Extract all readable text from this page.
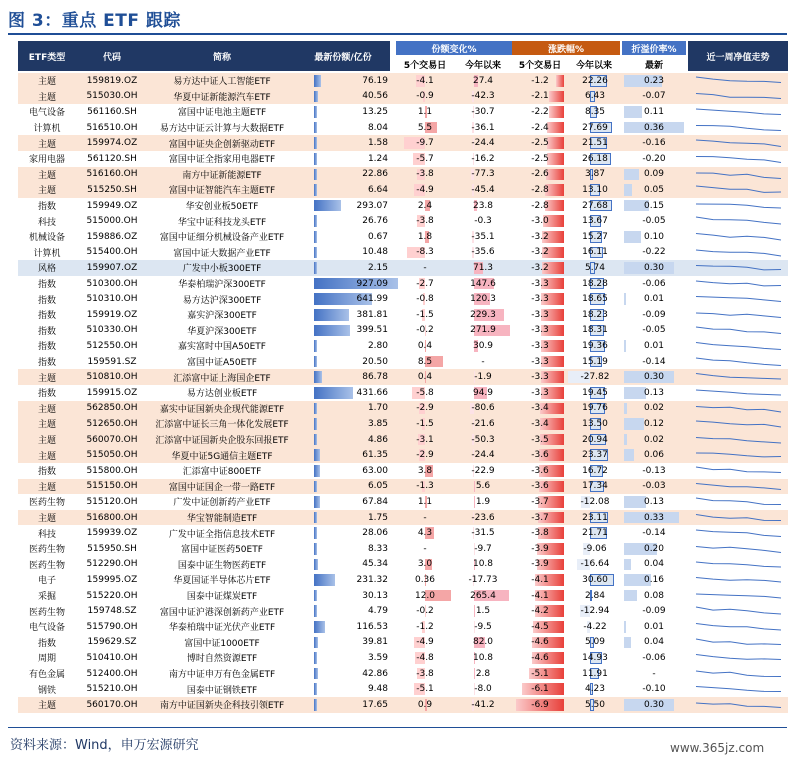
图 3：重点 ETF 跟踪
ETF类型	代码	简称	最新份额/亿份
份额变化%	涨跌幅%	折溢价率%
近一周净值走势
5个交易日	今年以来	5个交易日	今年以来	最新
主题	159819.OZ	易方达中证人工智能ETF	76.19	-4.1	27.4	-1.2	22.26	0.23
主题	515030.OH	华夏中证新能源汽车ETF	40.56	-0.9	-42.3	-2.1	6.43	-0.07
电气设备 561160.SH	富国中证电池主题ETF	13.25	1.1	-30.7	-2.2	8.35	0.11
计算机	516510.OH 易方达中证云计算与大数据ETF	8.04	5.5	-36.1	-2.4	27.69	0.36
主题	159974.OZ	富国中证央企创新驱动ETF	1.58	-9.7	-24.4	-2.5	21.51	-0.16
家用电器 561120.SH	富国中证全指家用电器ETF	1.24	-5.7	-16.2	-2.5	26.18	-0.20
主题	516160.OH	南方中证新能源ETF	22.86	-3.8	-77.3	-2.6	3.87	0.09
主题	515250.SH	富国中证智能汽车主题ETF	6.64	-4.9	-45.4	-2.8	13.10	0.05
指数	159949.OZ	华安创业板50ETF	293.07	2.4	23.8	-2.8	27.68	0.15
科技	515000.OH	华宝中证科技龙头ETF	26.76	-3.8	-0.3	-3.0	13.67	-0.05
机械设备 159886.OZ	富国中证细分机械设备产业ETF	0.67	1.8	-35.1	-3.2	15.27	0.10
计算机	515400.OH	富国中证大数据产业ETF	10.48	-8.3	-35.6	-3.2	16.11	-0.22
风格	159907.OZ	广发中小板300ETF	2.15	-	71.3	-3.2	5.74	0.30
指数	510300.OH	华泰柏瑞沪深300ETF	927.09	-2.7	147.6	-3.3	18.28	-0.06
指数	510310.OH	易方达沪深300ETF	641.99	-0.8	120.3	-3.3	18.65	0.01
指数	159919.OZ	嘉实沪深300ETF	381.81	-1.5	229.3	-3.3	18.23	-0.09
指数	510330.OH	华夏沪深300ETF	399.51	-0.2	271.9	-3.3	18.31	-0.05
指数	512550.OH	嘉实富时中国A50ETF	2.80	0.4	30.9	-3.3	19.36	0.01
指数	159591.SZ	富国中证A50ETF	20.50	8.5	-	-3.3	15.19	-0.14
主题	510810.OH	汇添富中证上海国企ETF	86.78	0.4	-1.9	-3.3	-27.82	0.30
指数	159915.OZ	易方达创业板ETF	431.66	-5.8	94.9	-3.3	19.45	0.13
主题	562850.OH 嘉实中证国新央企现代能源ETF	1.70	-2.9	-80.6	-3.4	19.76	0.02
主题	512650.OH 汇添富中证长三角一体化发展ETF	3.85	-1.5	-21.6	-3.4	13.50	0.12
主题	560070.OH 汇添富中证国新央企股东回报ETF	4.86	-3.1	-50.3	-3.5	20.94	0.02
主题	515050.OH	华夏中证5G通信主题ETF	61.35	-2.9	-24.4	-3.6	23.37	0.06
指数	515800.OH	汇添富中证800ETF	63.00	3.8	-22.9	-3.6	16.72	-0.13
主题	515150.OH	富国中证国企一带一路ETF	6.05	-1.3	5.6	-3.6	17.34	-0.03
医药生物 515120.OH	广发中证创新药产业ETF	67.84	1.1	1.9	-3.7	-12.08	0.13
主题	516800.OH	华宝智能制造ETF	1.75	-	-23.6	-3.7	23.11	0.33
科技	159939.OZ	广发中证全指信息技术ETF	28.06	4.3	-31.5	-3.8	21.71	-0.14
医药生物 515950.SH	富国中证医药50ETF	8.33	-	-9.7	-3.9	-9.06	0.20
医药生物 512290.OH	国泰中证生物医药ETF	45.34	3.0	10.8	-3.9	-16.64	0.04
电子	159995.OZ	华夏国证半导体芯片ETF	231.32	0.36	-17.73	-4.1	30.60	0.16
采掘	515220.OH	国泰中证煤炭ETF	30.13	12.0	265.4	-4.1	2.84	0.08
医药生物 159748.SZ	富国中证沪港深创新药产业ETF	4.79	-0.2	1.5	-4.2	-12.94	-0.09
电气设备 515790.OH	华泰柏瑞中证光伏产业ETF	116.53	-1.2	-9.5	-4.5	-4.22	0.01
指数	159629.SZ	富国中证1000ETF	39.81	-4.9	82.0	-4.6	5.09	0.04
周期	510410.OH	博时自然资源ETF	3.59	-4.8	10.8	-4.6	14.93	-0.06
有色金属 512400.OH	南方中证申万有色金属ETF	42.86	-3.8	2.8	-5.1	11.91	-
钢铁	515210.OH	国泰中证钢铁ETF	9.48	-5.1	-8.0	-6.1	4.23	-0.10
主题	560170.OH 南方中证国新央企科技引领ETF	17.65	0.9	-41.2	-6.9	5.50	0.30
资料来源：Wind，申万宏源研究	www.365jz.com
